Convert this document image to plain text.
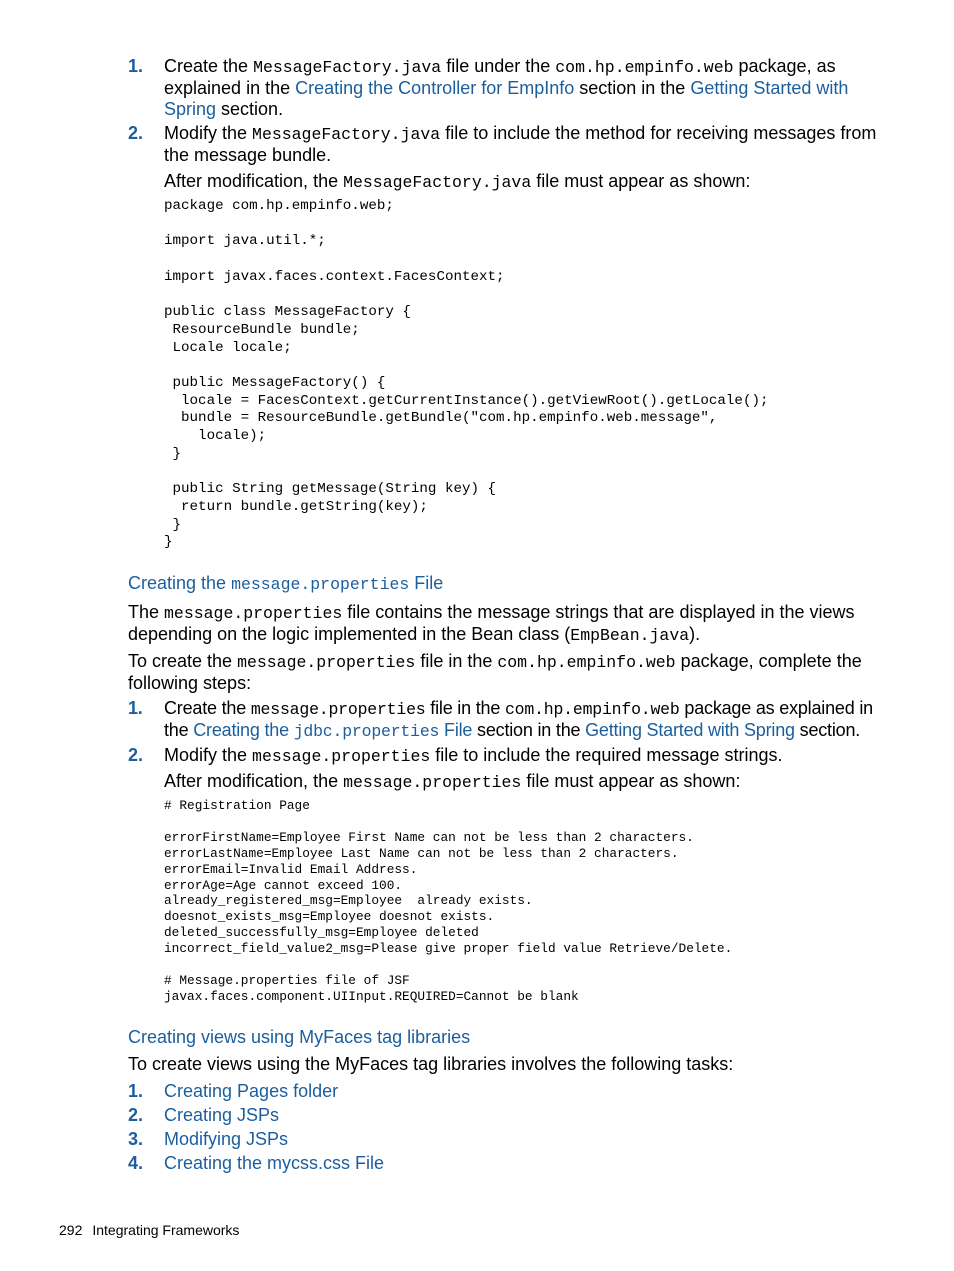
1. Create the MessageFactory.java file under the com.hp.empinfo.web package, as explained in the Creating the Controller for EmpInfo section in the Getting Started with Spring section.
2. Modify the MessageFactory.java file to include the method for receiving messages from the message bundle.
After modification, the MessageFactory.java file must appear as shown:
package com.hp.empinfo.web;

import java.util.*;

import javax.faces.context.FacesContext;

public class MessageFactory {
ResourceBundle bundle;
Locale locale;

public MessageFactory() {
locale = FacesContext.getCurrentInstance().getViewRoot().getLocale();
bundle = ResourceBundle.getBundle("com.hp.empinfo.web.message",
locale);
}

public String getMessage(String key) {
return bundle.getString(key);
}
}
Creating the message.properties File
The message.properties file contains the message strings that are displayed in the views depending on the logic implemented in the Bean class (EmpBean.java).
To create the message.properties file in the com.hp.empinfo.web package, complete the following steps:
1. Create the message.properties file in the com.hp.empinfo.web package as explained in the Creating the jdbc.properties File section in the Getting Started with Spring section.
2. Modify the message.properties file to include the required message strings.
After modification, the message.properties file must appear as shown:
# Registration Page

errorFirstName=Employee First Name can not be less than 2 characters.
errorLastName=Employee Last Name can not be less than 2 characters.
errorEmail=Invalid Email Address.
errorAge=Age cannot exceed 100.
already_registered_msg=Employee  already exists.
doesnot_exists_msg=Employee doesnot exists.
deleted_successfully_msg=Employee deleted
incorrect_field_value2_msg=Please give proper field value Retrieve/Delete.

# Message.properties file of JSF
javax.faces.component.UIInput.REQUIRED=Cannot be blank
Creating views using MyFaces tag libraries
To create views using the MyFaces tag libraries involves the following tasks:
1. Creating Pages folder
2. Creating JSPs
3. Modifying JSPs
4. Creating the mycss.css File
292 Integrating Frameworks
